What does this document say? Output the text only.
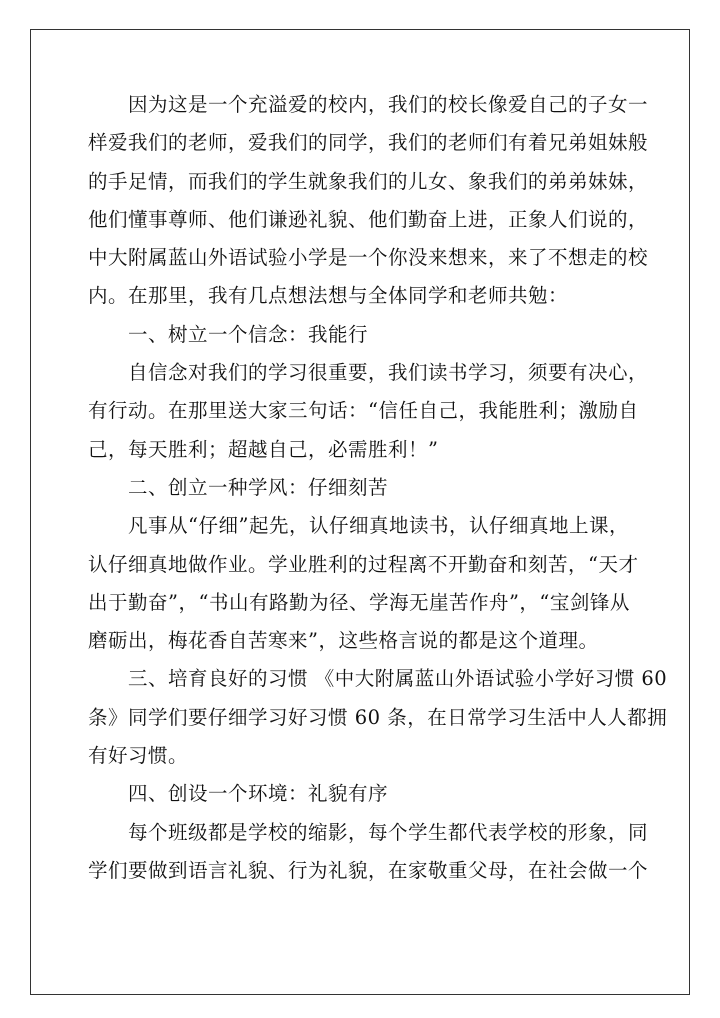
因为这是一个充溢爱的校内，我们的校长像爱自己的子女一
样爱我们的老师，爱我们的同学，我们的老师们有着兄弟姐妹般
的手足情，而我们的学生就象我们的儿女、象我们的弟弟妹妹，
他们懂事尊师、他们谦逊礼貌、他们勤奋上进，正象人们说的，
中大附属蓝山外语试验小学是一个你没来想来，来了不想走的校
内。在那里，我有几点想法想与全体同学和老师共勉：
一、树立一个信念：我能行
自信念对我们的学习很重要，我们读书学习，须要有决心，
有行动。在那里送大家三句话：“信任自己，我能胜利；激励自
己，每天胜利；超越自己，必需胜利！”
二、创立一种学风：仔细刻苦
凡事从“仔细”起先，认仔细真地读书，认仔细真地上课，
认仔细真地做作业。学业胜利的过程离不开勤奋和刻苦，“天才
出于勤奋”，“书山有路勤为径、学海无崖苦作舟”，“宝剑锋从
磨砺出，梅花香自苦寒来”，这些格言说的都是这个道理。
三、培育良好的习惯 《中大附属蓝山外语试验小学好习惯 60
条》同学们要仔细学习好习惯 60 条，在日常学习生活中人人都拥
有好习惯。
四、创设一个环境：礼貌有序
每个班级都是学校的缩影，每个学生都代表学校的形象，同
学们要做到语言礼貌、行为礼貌，在家敬重父母，在社会做一个
